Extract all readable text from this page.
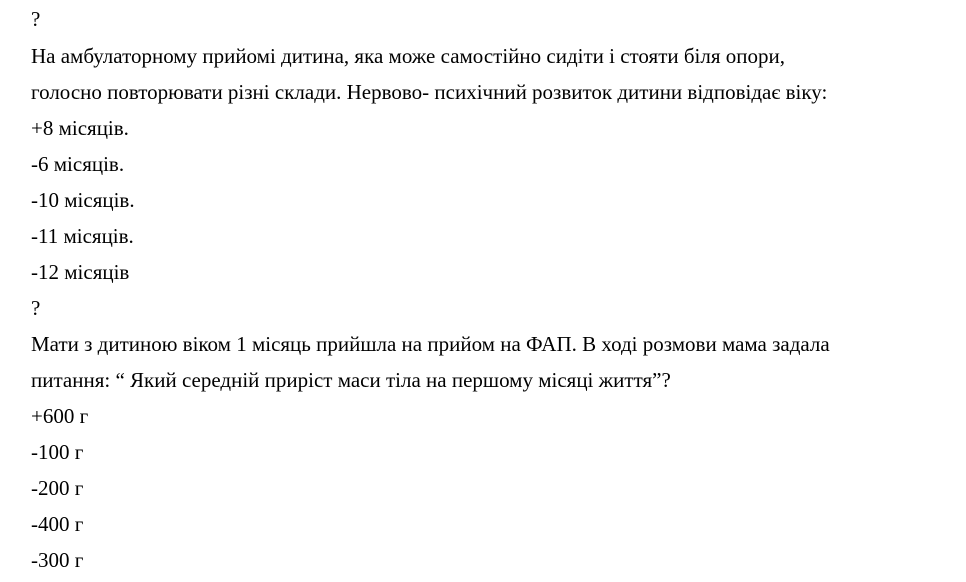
?
На амбулаторному прийомі дитина, яка може самостійно сидіти і стояти біля опори,
голосно повторювати різні склади. Нервово- психічний розвиток дитини відповідає віку:
+8 місяців.
-6 місяців.
-10 місяців.
-11 місяців.
-12 місяців
?
Мати з дитиною віком 1 місяць прийшла на прийом на ФАП. В ході розмови мама задала
питання: “ Який середній приріст маси тіла на першому місяці життя”?
+600 г
-100 г
-200 г
-400 г
-300 г
